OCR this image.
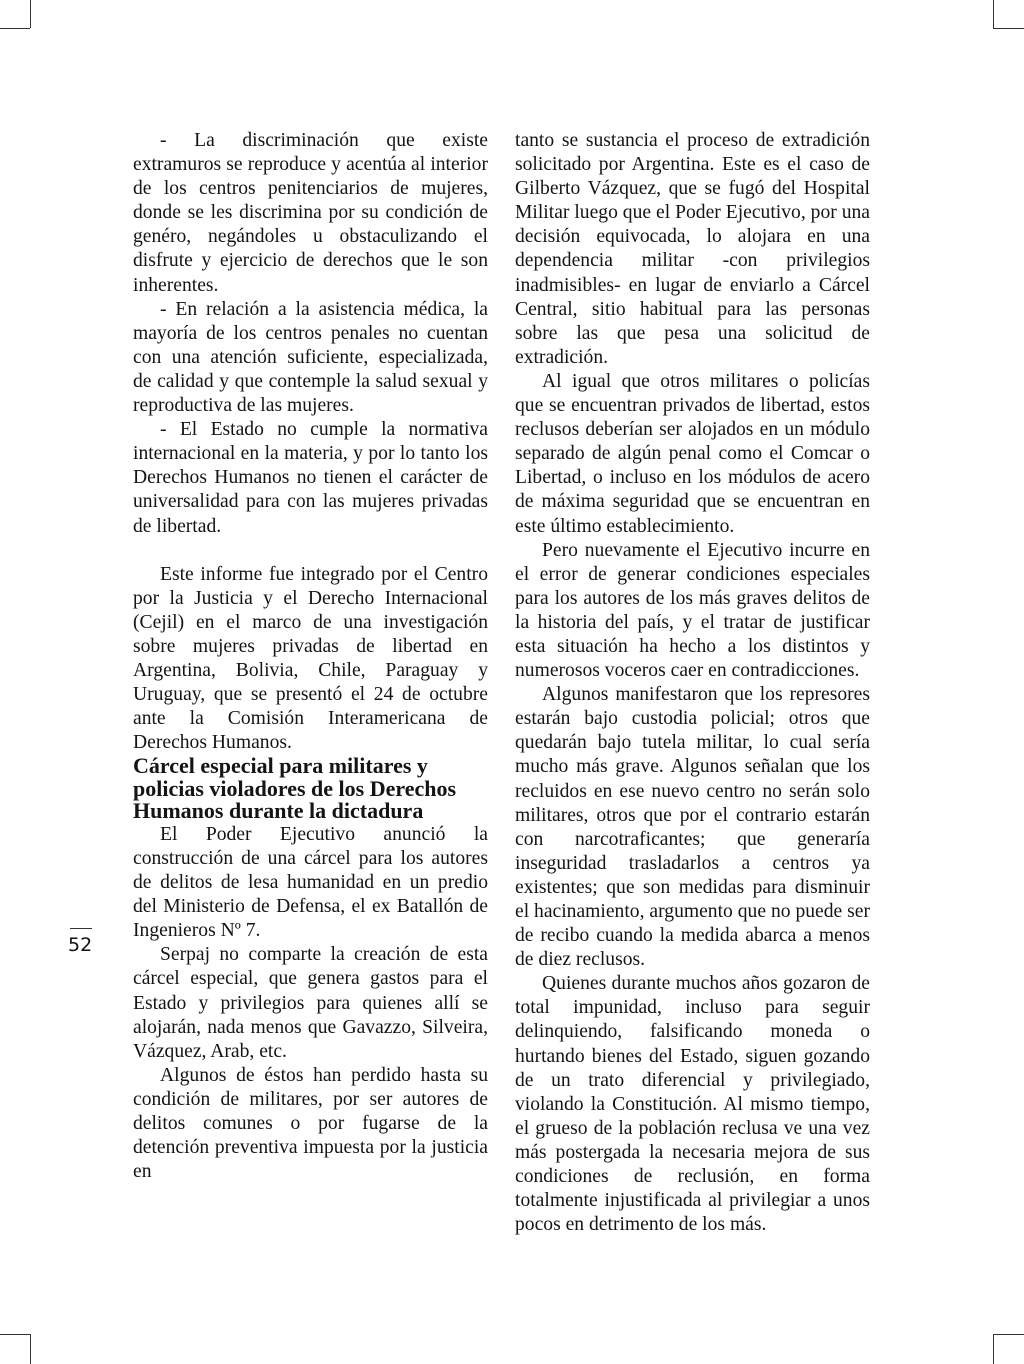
52

- La discriminación que existe extramuros se reproduce y acentúa al interior de los centros penitenciarios de mujeres, donde se les discrimina por su condición de genéro, negándoles u obstaculizando el disfrute y ejercicio de derechos que le son inherentes.

- En relación a la asistencia médica, la mayoría de los centros penales no cuentan con una atención suficiente, especializada, de calidad y que contemple la salud sexual y reproductiva de las mujeres.

- El Estado no cumple la normativa internacional en la materia, y por lo tanto los Derechos Humanos no tienen el carácter de universalidad para con las mujeres privadas de libertad.

Este informe fue integrado por el Centro por la Justicia y el Derecho Internacional (Cejil) en el marco de una investigación sobre mujeres privadas de libertad en Argentina, Bolivia, Chile, Paraguay y Uruguay, que se presentó el 24 de octubre ante la Comisión Interamericana de Derechos Humanos.

Cárcel especial para militares y policias violadores de los Derechos Humanos durante la dictadura

El Poder Ejecutivo anunció la construcción de una cárcel para los autores de delitos de lesa humanidad en un predio del Ministerio de Defensa, el ex Batallón de Ingenieros Nº 7.

Serpaj no comparte la creación de esta cárcel especial, que genera gastos para el Estado y privilegios para quienes allí se alojarán, nada menos que Gavazzo, Silveira, Vázquez, Arab, etc.

Algunos de éstos han perdido hasta su condición de militares, por ser autores de delitos comunes o por fugarse de la detención preventiva impuesta por la justicia en

tanto se sustancia el proceso de extradición solicitado por Argentina. Este es el caso de Gilberto Vázquez, que se fugó del Hospital Militar luego que el Poder Ejecutivo, por una decisión equivocada, lo alojara en una dependencia militar -con privilegios inadmisibles- en lugar de enviarlo a Cárcel Central, sitio habitual para las personas sobre las que pesa una solicitud de extradición.

Al igual que otros militares o policías que se encuentran privados de libertad, estos reclusos deberían ser alojados en un módulo separado de algún penal como el Comcar o Libertad, o incluso en los módulos de acero de máxima seguridad que se encuentran en este último establecimiento.

Pero nuevamente el Ejecutivo incurre en el error de generar condiciones especiales para los autores de los más graves delitos de la historia del país, y el tratar de justificar esta situación ha hecho a los distintos y numerosos voceros caer en contradicciones.

Algunos manifestaron que los represores estarán bajo custodia policial; otros que quedarán bajo tutela militar, lo cual sería mucho más grave. Algunos señalan que los recluidos en ese nuevo centro no serán solo militares, otros que por el contrario estarán con narcotraficantes; que generaría inseguridad trasladarlos a centros ya existentes; que son medidas para disminuir el hacinamiento, argumento que no puede ser de recibo cuando la medida abarca a menos de diez reclusos.

Quienes durante muchos años gozaron de total impunidad, incluso para seguir delinquiendo, falsificando moneda o hurtando bienes del Estado, siguen gozando de un trato diferencial y privilegiado, violando la Constitución. Al mismo tiempo, el grueso de la población reclusa ve una vez más postergada la necesaria mejora de sus condiciones de reclusión, en forma totalmente injustificada al privilegiar a unos pocos en detrimento de los más.
